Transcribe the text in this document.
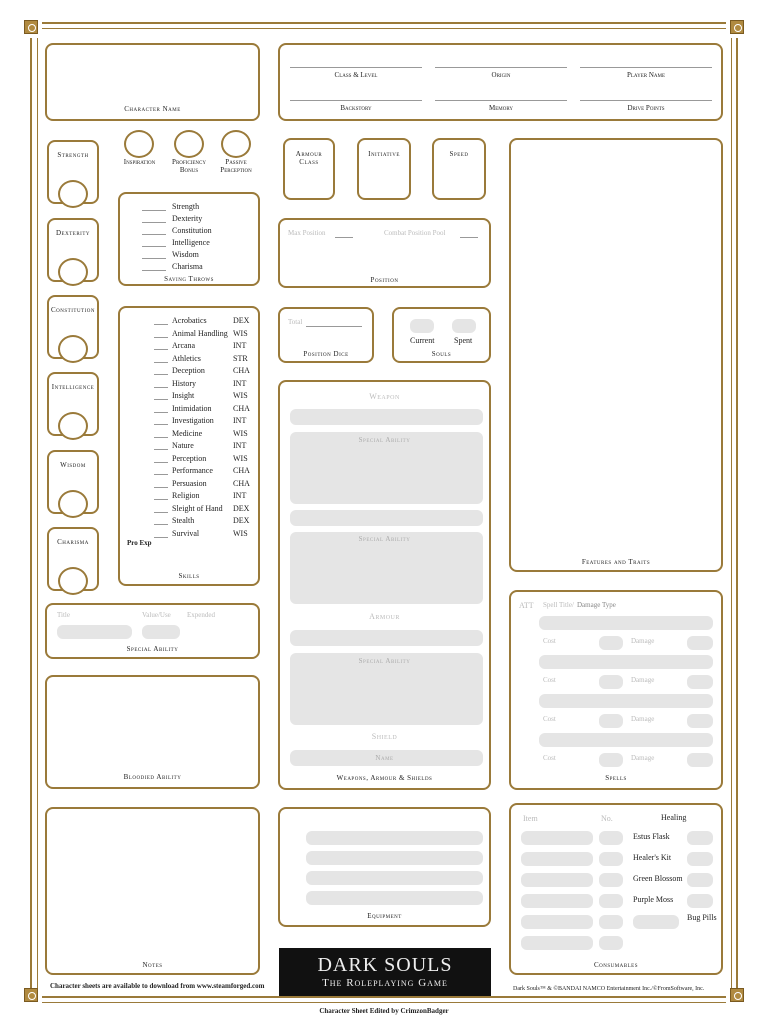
Character Name
Class & Level	Origin	Player Name
Backstory	Memory	Drive Points
Strength
Dexterity
Constitution
Intelligence
Wisdom
Charisma
Inspiration	Proficiency Bonus
Passive Perception
Strength
Dexterity
Constitution
Intelligence
Wisdom
Charisma
Saving Throws
Acrobatics	DEX
Animal Handling WIS
Arcana	INT
Athletics	STR
Deception	CHA
History	INT
Insight	WIS
Intimidation	CHA
Investigation INT
Medicine	WIS
Nature	INT
Perception	WIS
Performance	CHA
Persuasion	CHA
Religion	INT
Sleight of Hand DEX
Stealth	DEX
Survival	WIS
Pro Exp
Skills
Armour Class
Initiative	Speed
Max Position	Combat Position Pool
Position
Total
Position Dice
Current Spent
Souls
Weapon
Special Ability
Special Ability
Armour
Special Ability
Shield
Name
Weapons, Armour & Shields
Features and Traits
Title	Value/Use Expended
Special Ability
Bloodied Ability
ATT Spell Title/ Damage Type
Cost	Damage
Cost	Damage
Cost	Damage
Cost	Damage
Spells
Notes
Equipment
Item	No.	Healing
Estus Flask
Healer's Kit
Green Blossom
Purple Moss
Bug Pills
Consumables
DARK SOULS
The Roleplaying Game
Character sheets are available to download from www.steamforged.com	Dark Souls™ & ©BANDAI NAMCO Entertainment Inc./©FromSoftware, Inc.
Character Sheet Edited by CrimzonBadger
